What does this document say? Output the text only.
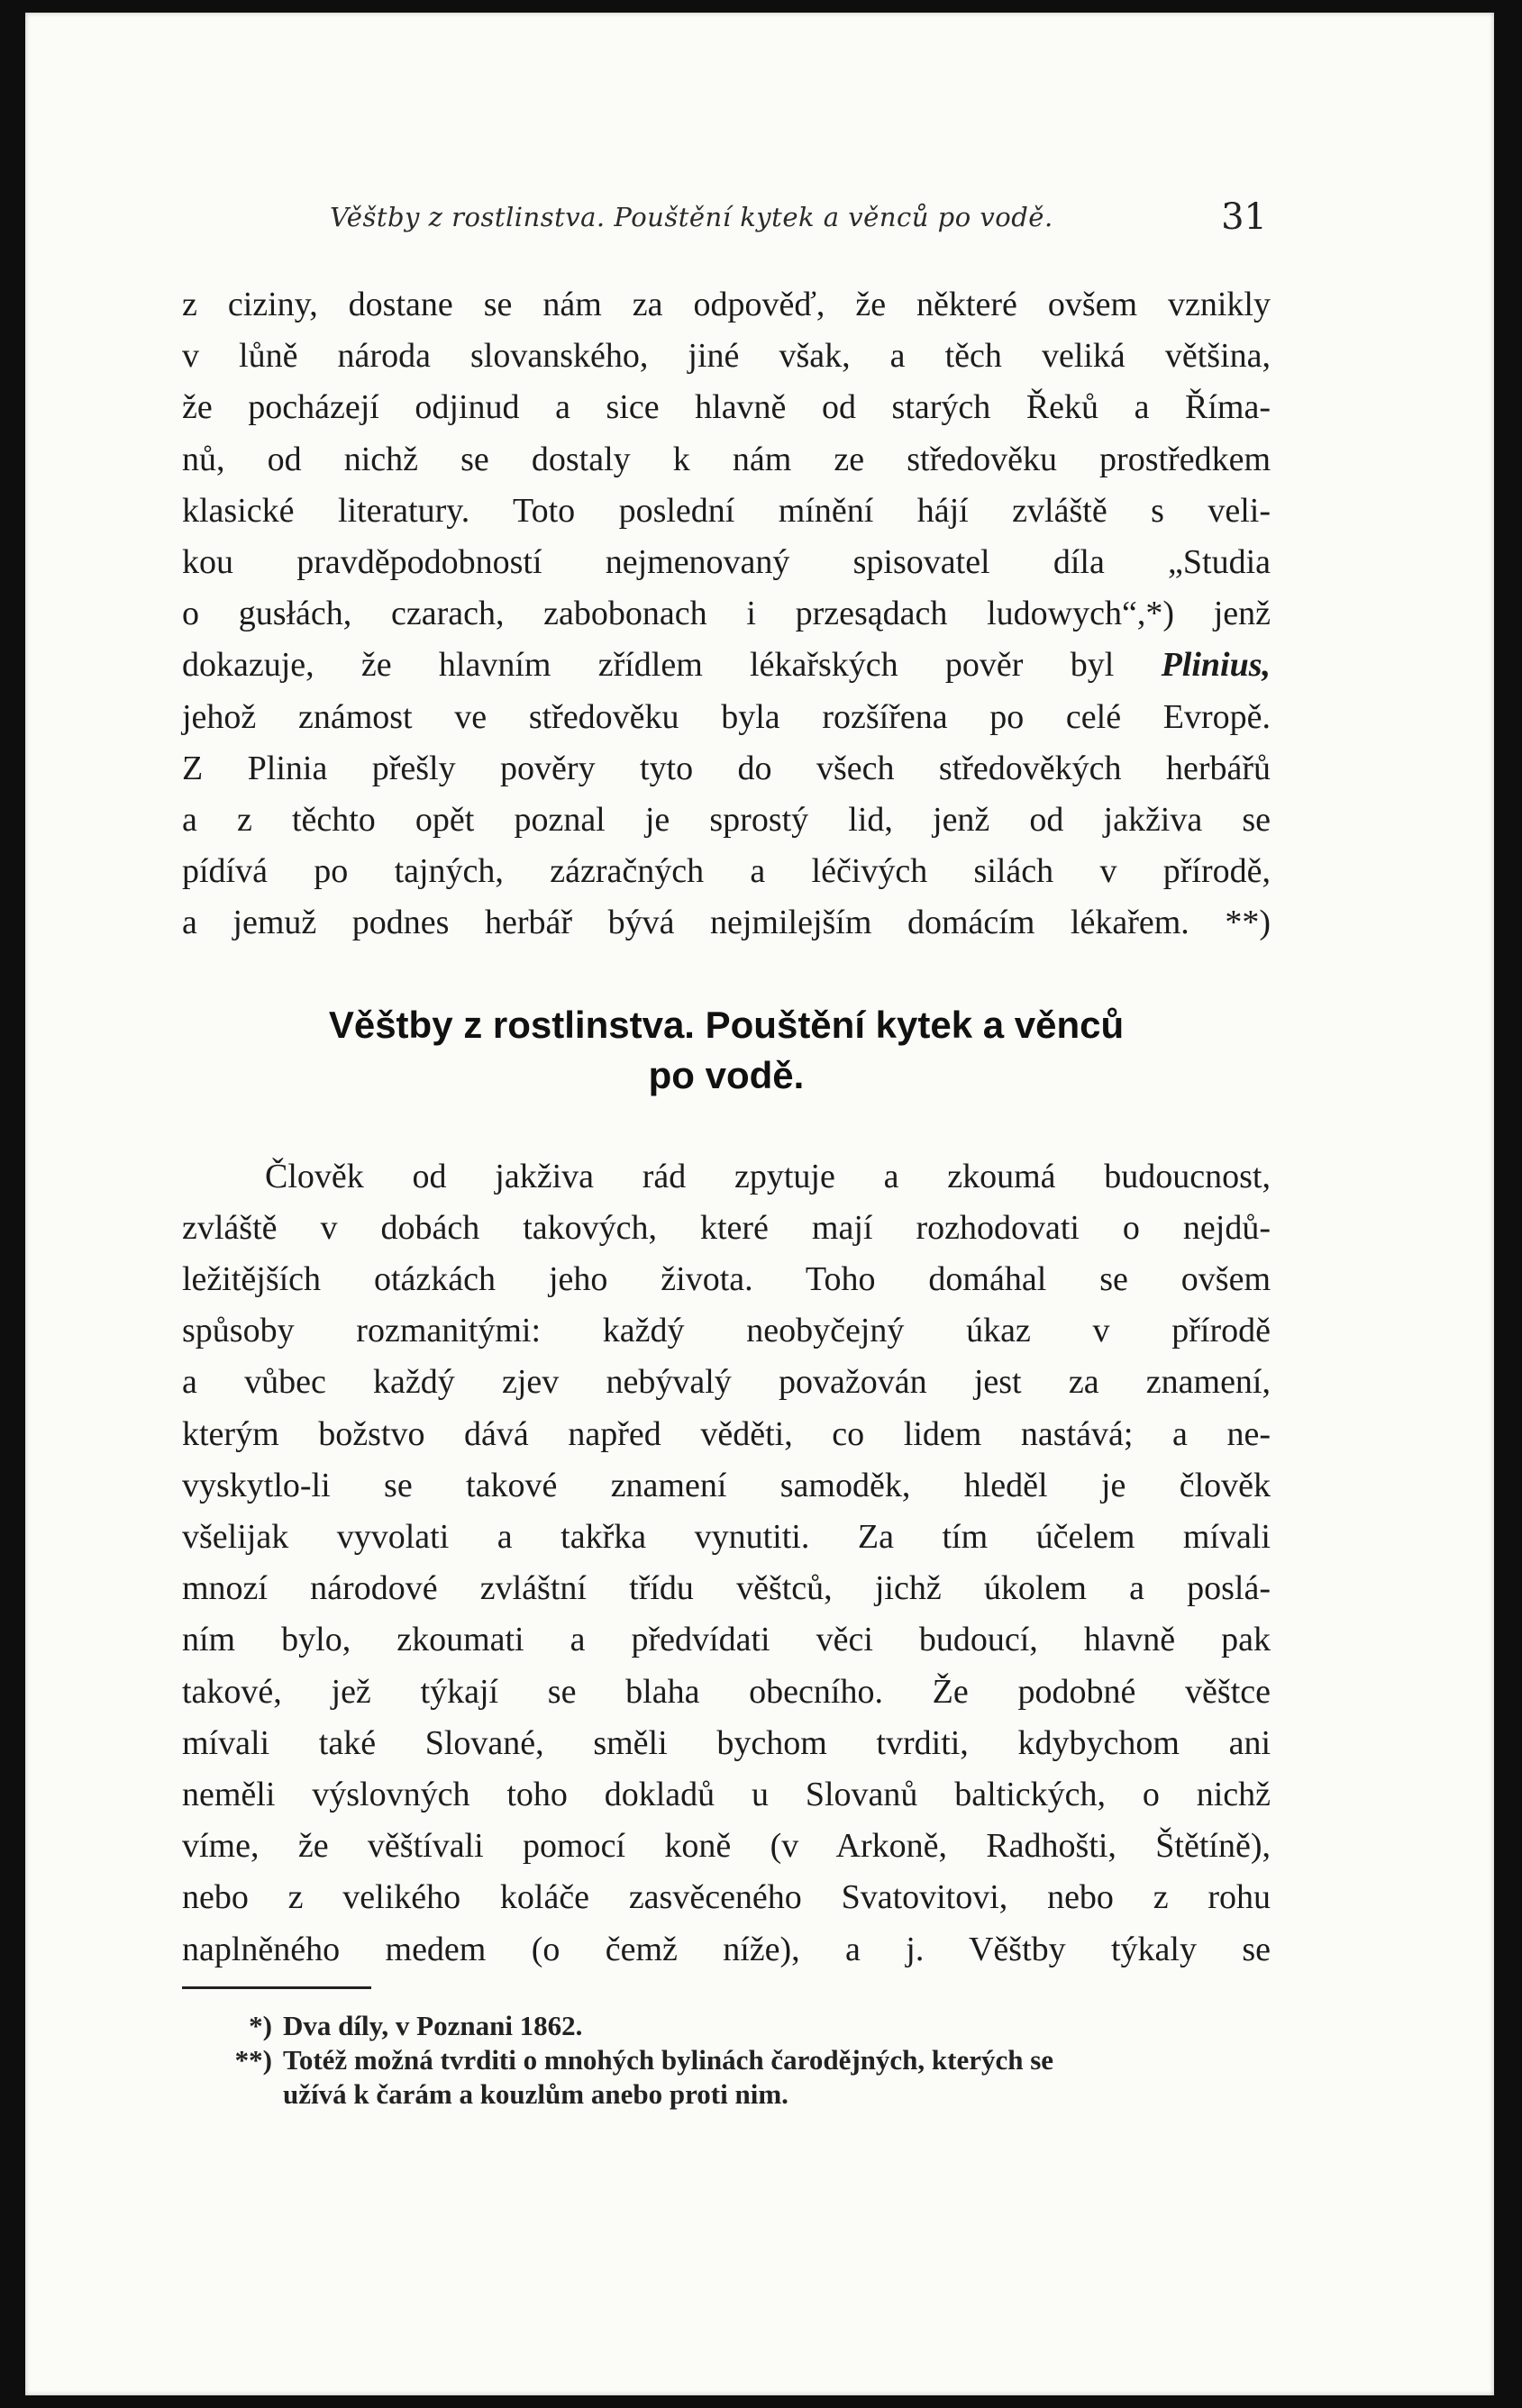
Věštby z rostlinstva. Pouštění kytek a věnců po vodě.	31
z ciziny, dostane se nám za odpověď, že některé ovšem vznikly
v lůně národa slovanského, jiné však, a těch veliká většina,
že pocházejí odjinud a sice hlavně od starých Řeků a Říma-
nů, od nichž se dostaly k nám ze středověku prostředkem
klasické literatury. Toto poslední mínění hájí zvláště s veli-
kou pravděpodobností nejmenovaný spisovatel díla „Studia
o gusłách, czarach, zabobonach i przesądach ludowych“,*) jenž
dokazuje, že hlavním zřídlem lékařských pověr byl Plinius,
jehož známost ve středověku byla rozšířena po celé Evropě.
Z Plinia přešly pověry tyto do všech středověkých herbářů
a z těchto opět poznal je sprostý lid, jenž od jakživa se
pídívá po tajných, zázračných a léčivých silách v přírodě,
a jemuž podnes herbář bývá nejmilejším domácím lékařem. **)
Věštby z rostlinstva. Pouštění kytek a věnců
po vodě.
Člověk od jakživa rád zpytuje a zkoumá budoucnost,
zvláště v dobách takových, které mají rozhodovati o nejdů-
ležitějších otázkách jeho života. Toho domáhal se ovšem
spůsoby rozmanitými: každý neobyčejný úkaz v přírodě
a vůbec každý zjev nebývalý považován jest za znamení,
kterým božstvo dává napřed věděti, co lidem nastává; a ne-
vyskytlo-li se takové znamení samoděk, hleděl je člověk
všelijak vyvolati a takřka vynutiti. Za tím účelem mívali
mnozí národové zvláštní třídu věštců, jichž úkolem a poslá-
ním bylo, zkoumati a předvídati věci budoucí, hlavně pak
takové, jež týkají se blaha obecního. Že podobné věštce
mívali také Slované, směli bychom tvrditi, kdybychom ani
neměli výslovných toho dokladů u Slovanů baltických, o nichž
víme, že věštívali pomocí koně (v Arkoně, Radhošti, Štětíně),
nebo z velikého koláče zasvěceného Svatovitovi, nebo z rohu
naplněného medem (o čemž níže), a j. Věštby týkaly se
*) Dva díly, v Poznani 1862.
**) Totéž možná tvrditi o mnohých bylinách čarodějných, kterých se
užívá k čarám a kouzlům anebo proti nim.
